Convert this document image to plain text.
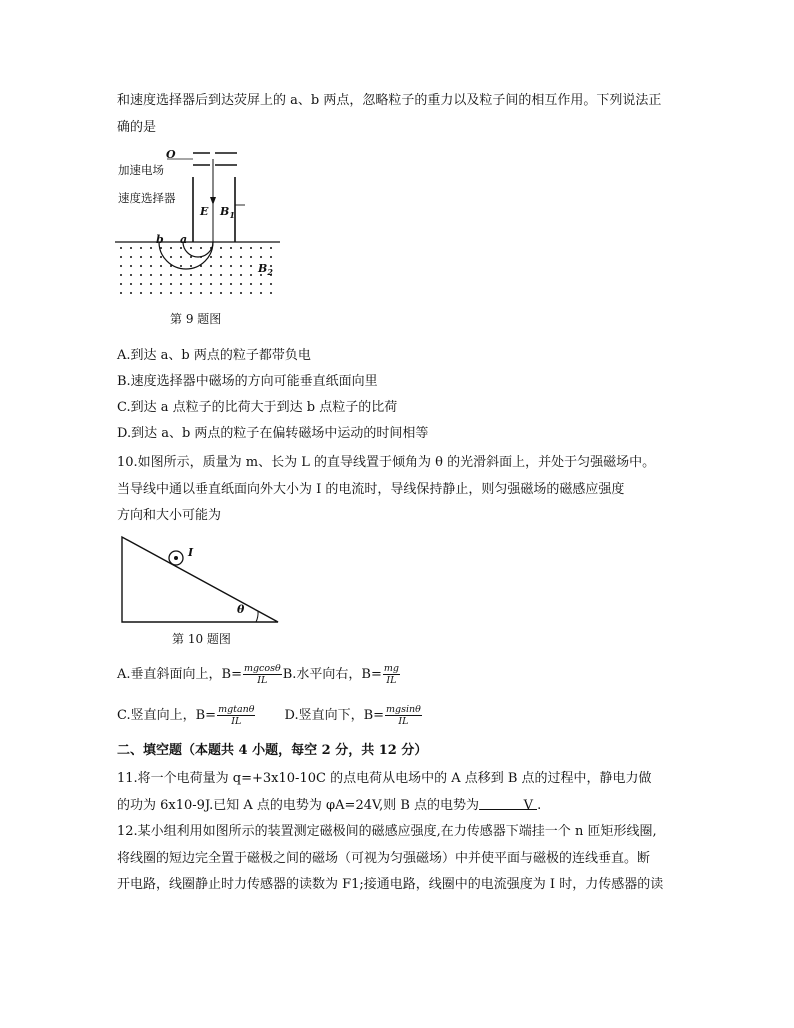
和速度选择器后到达荧屏上的 a、b 两点，忽略粒子的重力以及粒子间的相互作用。下列说法正
确的是
O
加速电场
速度选择器
E $B_1$
b a
$B_2$
第 9 题图
A.到达 a、b 两点的粒子都带负电
B.速度选择器中磁场的方向可能垂直纸面向里
C.到达 a 点粒子的比荷大于到达 b 点粒子的比荷
D.到达 a、b 两点的粒子在偏转磁场中运动的时间相等
10.如图所示，质量为 m、长为 L 的直导线置于倾角为 θ 的光滑斜面上，并处于匀强磁场中。
当导线中通以垂直纸面向外大小为 I 的电流时，导线保持静止，则匀强磁场的磁感应强度
方向和大小可能为
I
θ
第 10 题图
A.垂直斜面向上，$B= \frac{mgcos\theta}{IL} B$.水平向右，$B= \frac{mg}{IL}$
C.竖直向上，$B= \frac{mgtan\theta}{IL} D$.竖直向下，$B= \frac{mgsin\theta}{IL}$
二、填空题（本题共 4 小题，每空 2 分，共 12 分）
11.将一个电荷量为 q=+3x10-10C 的点电荷从电场中的 A 点移到 B 点的过程中，静电力做
的功为 6x10-9J.已知 A 点的电势为 φA=24V,则 B 点的电势为	V .
12.某小组利用如图所示的装置测定磁极间的磁感应强度,在力传感器下端挂一个 n 匝矩形线圈,
将线圈的短边完全置于磁极之间的磁场（可视为匀强磁场）中并使平面与磁极的连线垂直。断
开电路，线圈静止时力传感器的读数为 F1;接通电路，线圈中的电流强度为 I 时，力传感器的读
